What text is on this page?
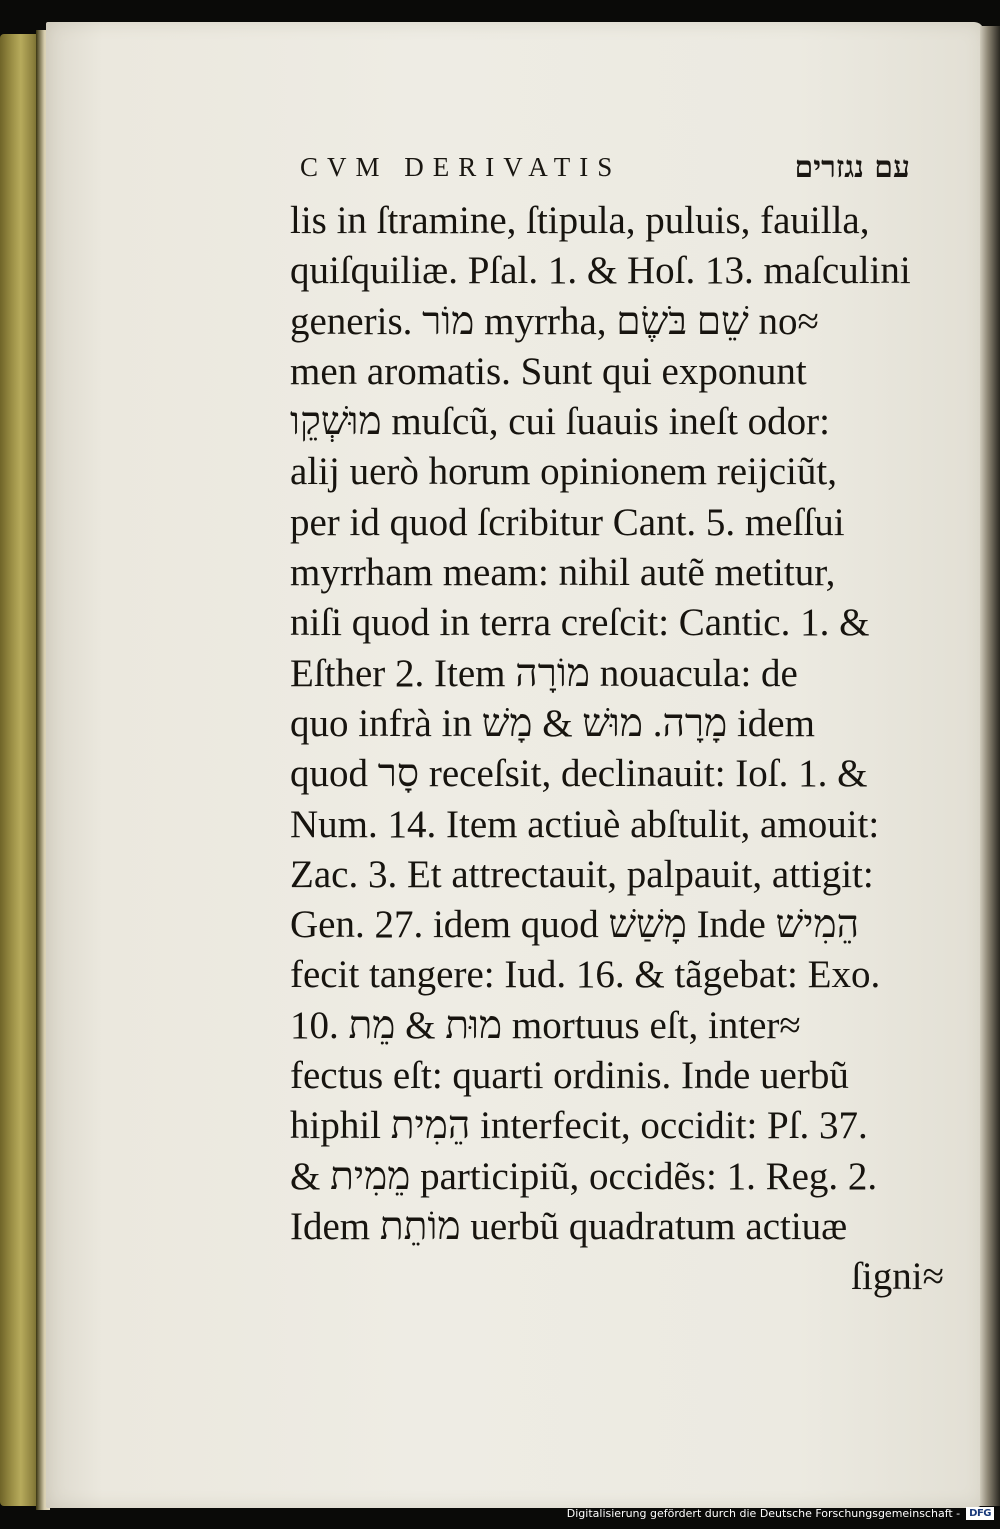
CVM DERIVATIS	עם נגזרים
lis in ſtramine, ſtipula, puluis, fauilla,
quiſquiliæ. Pſal. 1. & Hoſ. 13. maſculini
generis. מוֹר myrrha, שֵׁם בֹּשֶׂם no≈
men aromatis. Sunt qui exponunt
מוּשְׁקֵו muſcũ, cui ſuauis ineſt odor:
alij uerò horum opinionem reijciũt,
per id quod ſcribitur Cant. 5. meſſui
myrrham meam: nihil autẽ metitur,
niſi quod in terra creſcit: Cantic. 1. &
Eſther 2. Item מוֹרָה nouacula: de
quo infrà in מָרָה. מוּשׁ & מָשׁ idem
quod סָר receſsit, declinauit: Ioſ. 1. &
Num. 14. Item actiuè abſtulit, amouit:
Zac. 3. Et attrectauit, palpauit, attigit:
Gen. 27. idem quod מָשַׁשׁ Inde הֵמִישׁ
fecit tangere: Iud. 16. & tãgebat: Exo.
10. מוּת & מֵת mortuus eſt, inter≈
fectus eſt: quarti ordinis. Inde uerbũ
hiphil הֵמִית interfecit, occidit: Pſ. 37.
& מֵמִית participiũ, occidẽs: 1. Reg. 2.
Idem מוֹתֵת uerbũ quadratum actiuæ
ſigni≈
Digitalisierung gefördert durch die Deutsche Forschungsgemeinschaft - DFG
